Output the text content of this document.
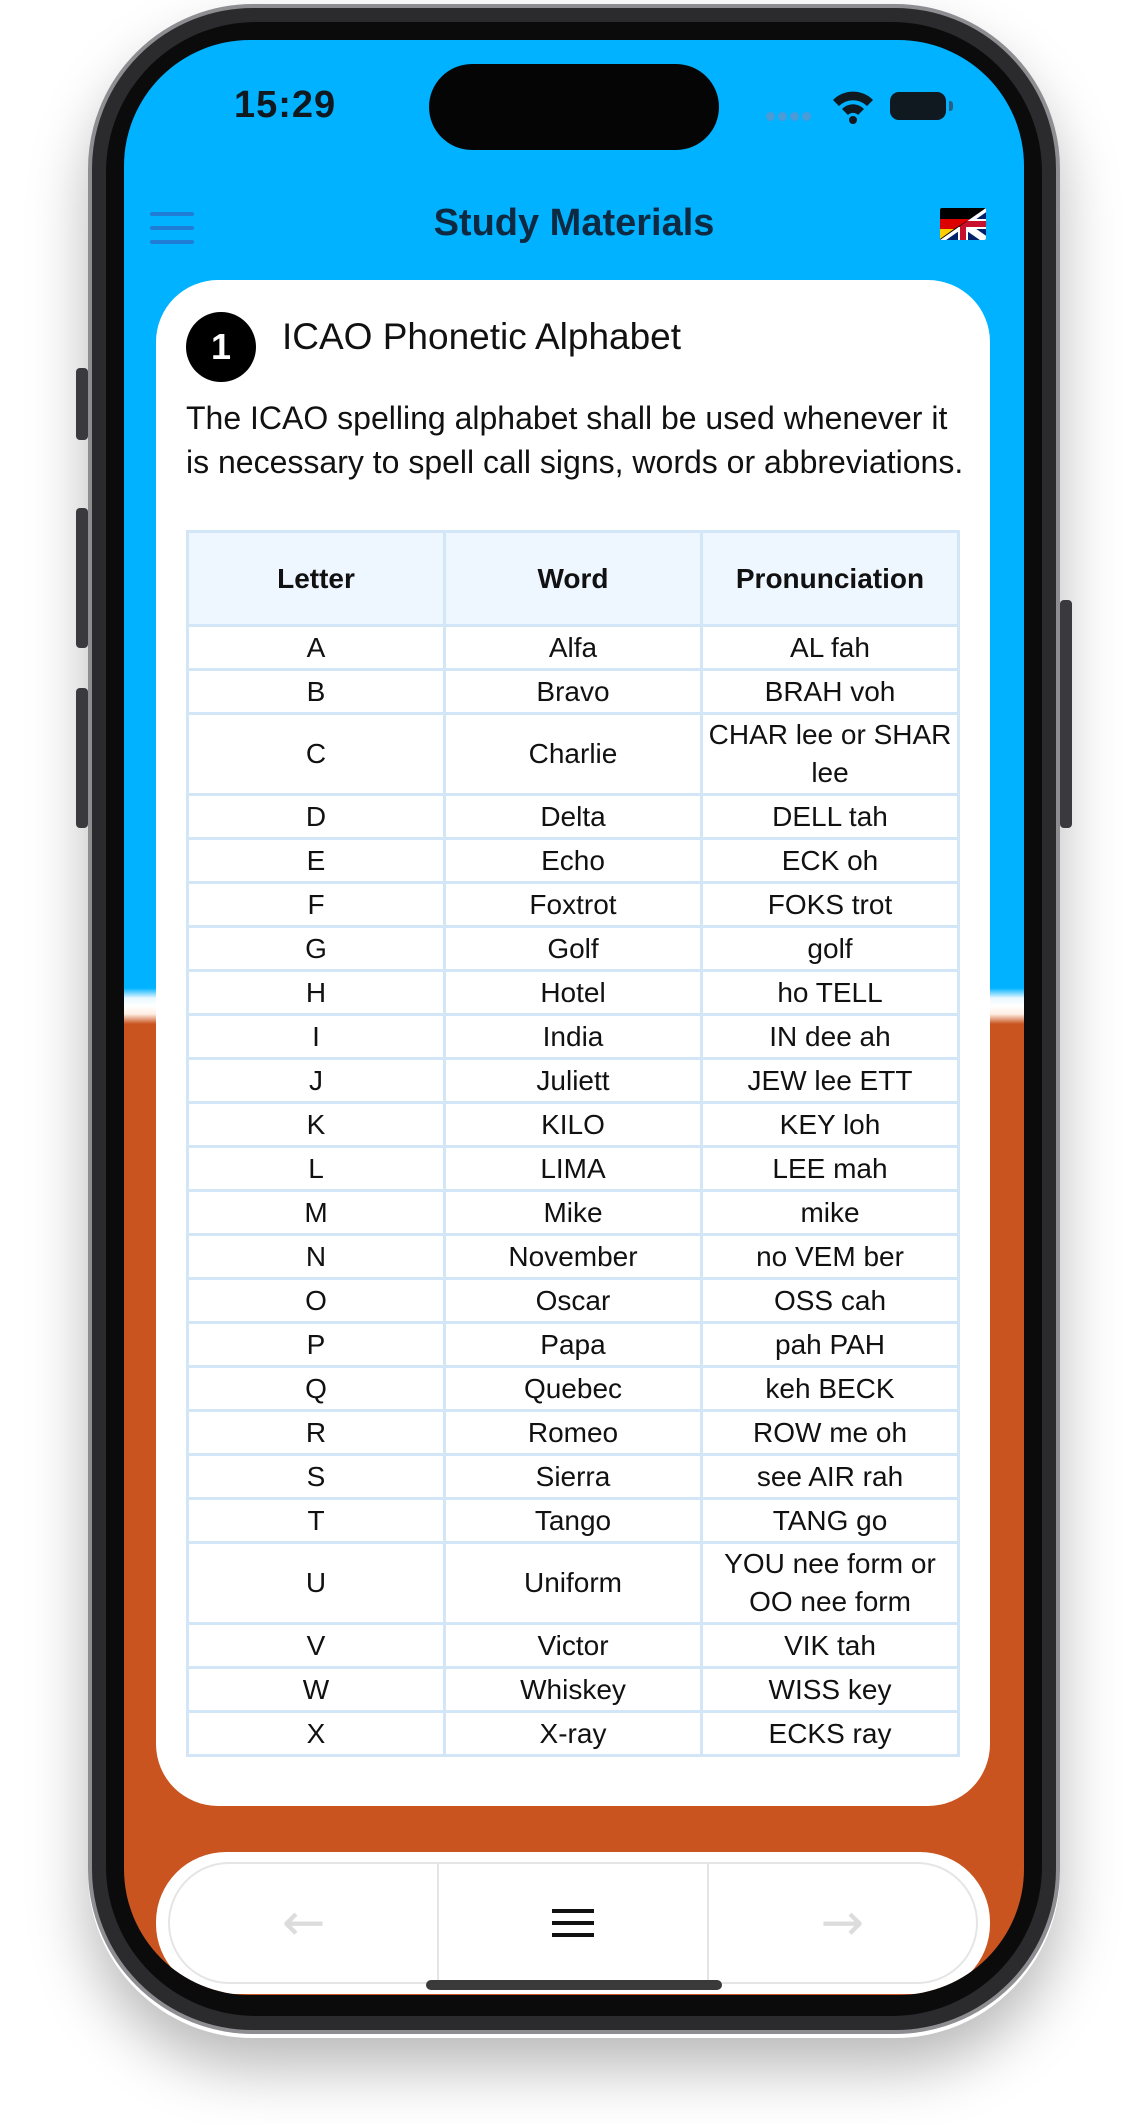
15:29
Study Materials
1	ICAO Phonetic Alphabet

The ICAO spelling alphabet shall be used whenever it is necessary to spell call signs, words or abbreviations.

Letter	Word	Pronunciation
A	Alfa	AL fah
B	Bravo	BRAH voh
C	Charlie	CHAR lee or SHAR lee
D	Delta	DELL tah
E	Echo	ECK oh
F	Foxtrot	FOKS trot
G	Golf	golf
H	Hotel	ho TELL
I	India	IN dee ah
J	Juliett	JEW lee ETT
K	KILO	KEY loh
L	LIMA	LEE mah
M	Mike	mike
N	November	no VEM ber
O	Oscar	OSS cah
P	Papa	pah PAH
Q	Quebec	keh BECK
R	Romeo	ROW me oh
S	Sierra	see AIR rah
T	Tango	TANG go
U	Uniform	YOU nee form or OO nee form
V	Victor	VIK tah
W	Whiskey	WISS key
X	X-ray	ECKS ray
←	→
